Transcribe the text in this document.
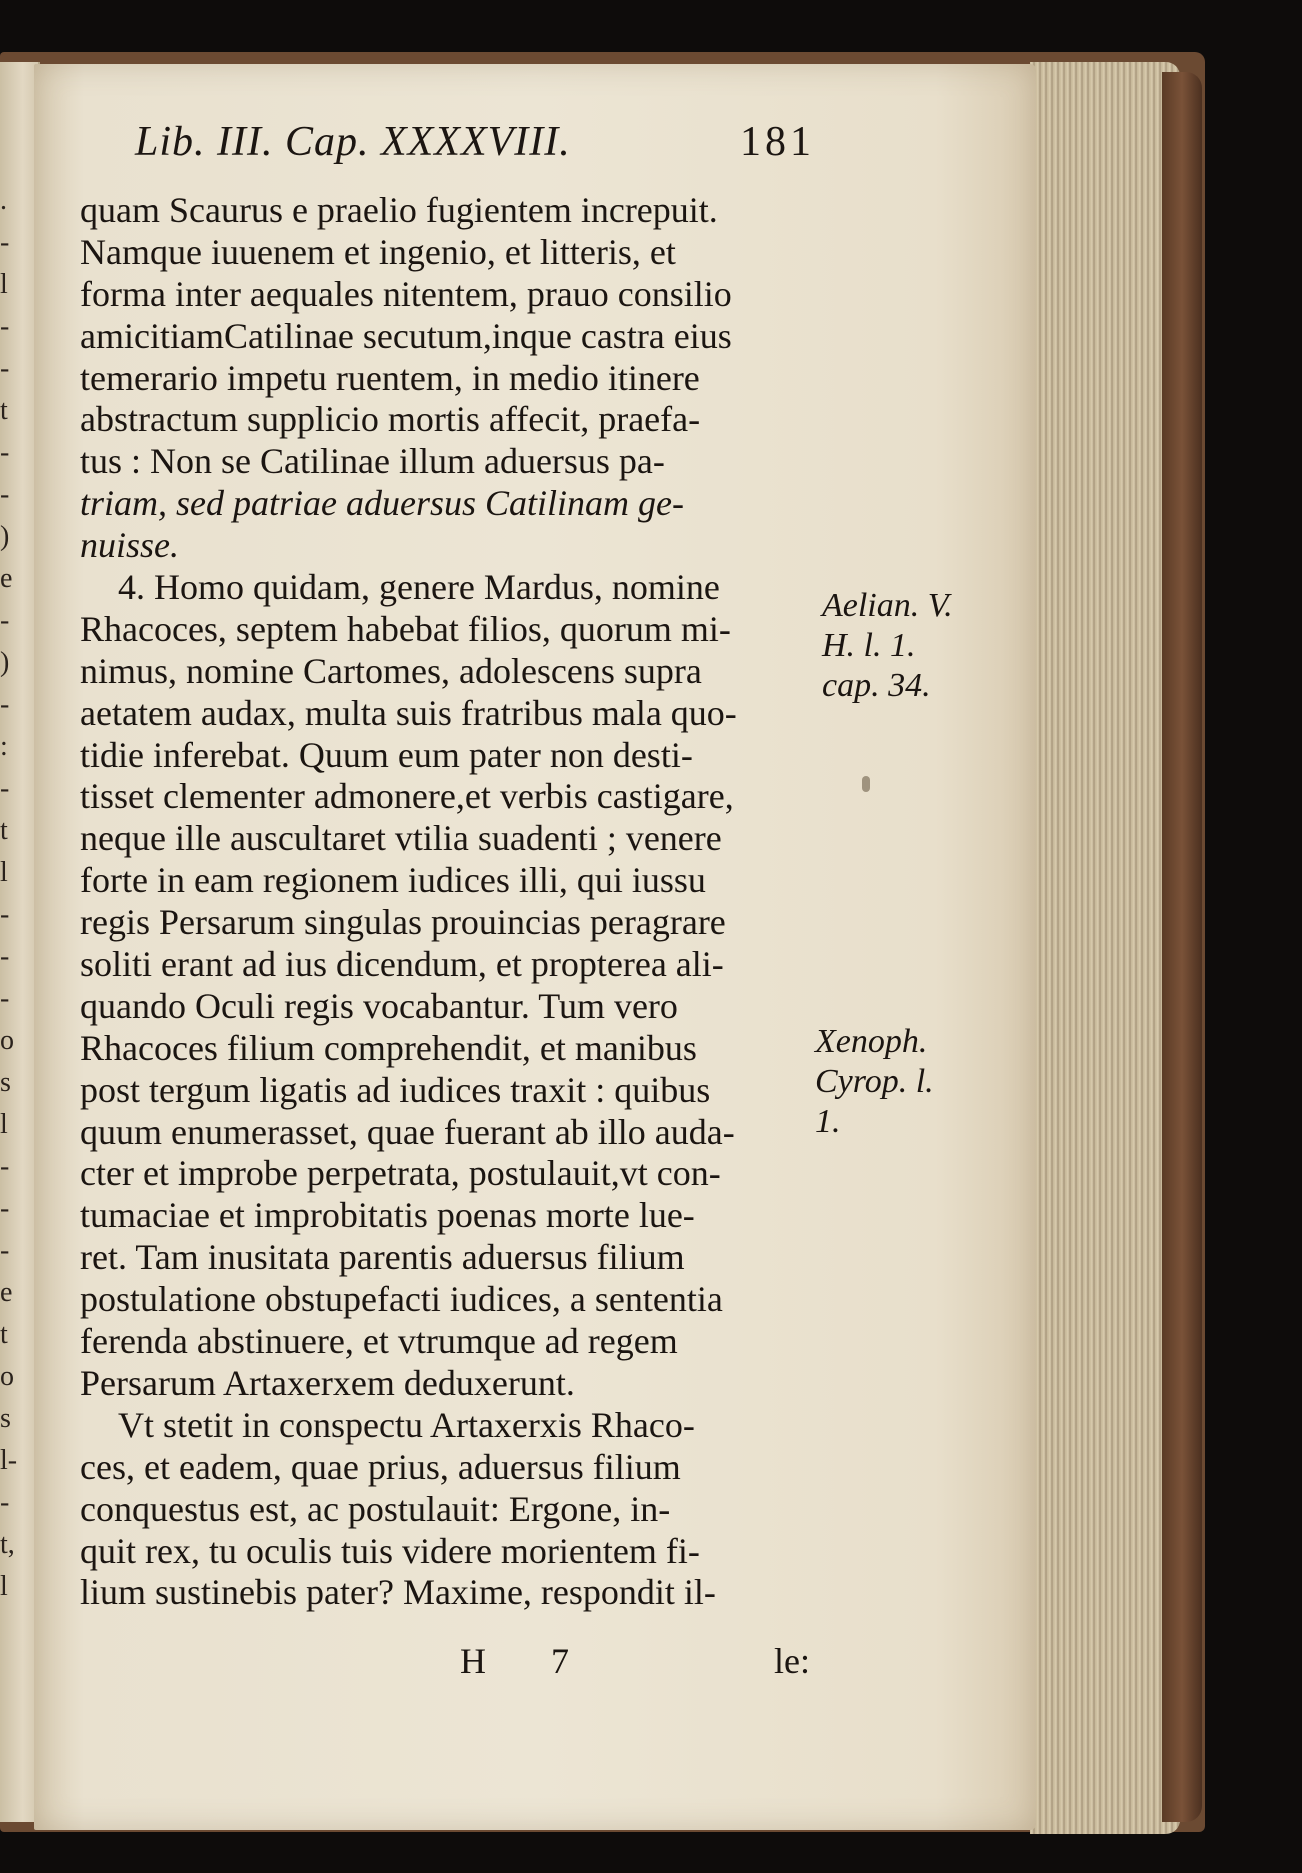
.
-
l
-
-
t
-
-
)
e
-
)
-
:
-
t
l
-
-
-
o
s
l
-
-
-
e
t
o
s
l-
-
t,
l
Lib. III. Cap. XXXXVIII.	181
quam Scaurus e praelio fugientem increpuit.
Namque iuuenem et ingenio, et litteris, et
forma inter aequales nitentem, prauo consilio
amicitiamCatilinae secutum,inque castra eius
temerario impetu ruentem, in medio itinere
abstractum supplicio mortis affecit, praefa-
tus : Non se Catilinae illum aduersus pa-
triam, sed patriae aduersus Catilinam ge-
nuisse.
4. Homo quidam, genere Mardus, nomine
Rhacoces, septem habebat filios, quorum mi-
nimus, nomine Cartomes, adolescens supra
aetatem audax, multa suis fratribus mala quo-
tidie inferebat. Quum eum pater non desti-
tisset clementer admonere,et verbis castigare,
neque ille auscultaret vtilia suadenti ; venere
forte in eam regionem iudices illi, qui iussu
regis Persarum singulas prouincias peragrare
soliti erant ad ius dicendum, et propterea ali-
quando Oculi regis vocabantur. Tum vero
Rhacoces filium comprehendit, et manibus
post tergum ligatis ad iudices traxit : quibus
quum enumerasset, quae fuerant ab illo auda-
cter et improbe perpetrata, postulauit,vt con-
tumaciae et improbitatis poenas morte lue-
ret. Tam inusitata parentis aduersus filium
postulatione obstupefacti iudices, a sententia
ferenda abstinuere, et vtrumque ad regem
Persarum Artaxerxem deduxerunt.
Vt stetit in conspectu Artaxerxis Rhaco-
ces, et eadem, quae prius, aduersus filium
conquestus est, ac postulauit: Ergone, in-
quit rex, tu oculis tuis videre morientem fi-
lium sustinebis pater? Maxime, respondit il-
H 7	le:
Aelian. V.
H. l. 1.
cap. 34.
Xenoph.
Cyrop. l.
1.
